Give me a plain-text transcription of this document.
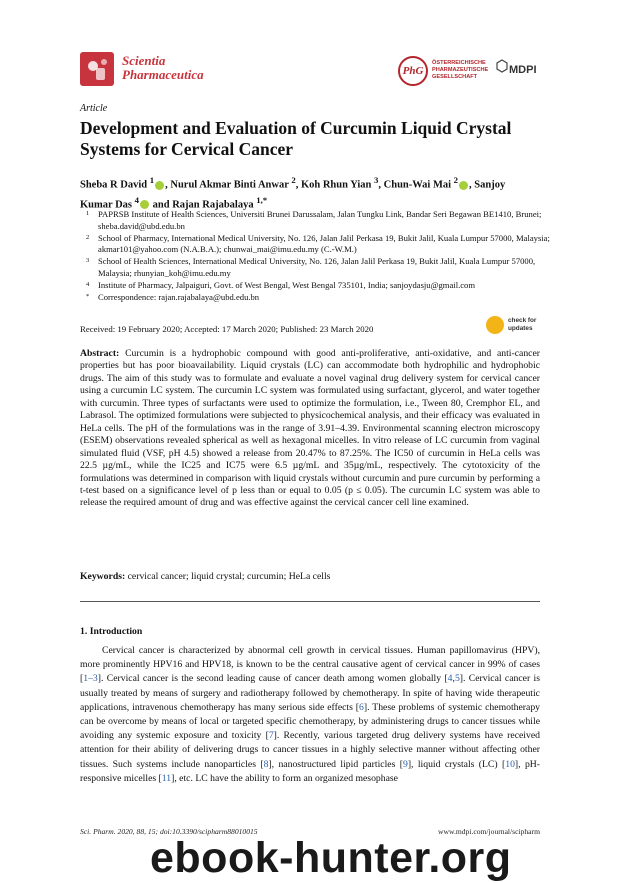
Scientia Pharmaceutica	PhG
ÖSTERREICHISCHE PHARMAZEUTISCHE GESELLSCHAFT
MDPI
Article
Development and Evaluation of Curcumin Liquid Crystal Systems for Cervical Cancer
Sheba R David $^1$ , Nurul Akmar Binti Anwar $^2$, Koh Rhun Yian $^3$, Chun-Wai Mai $^2$ , Sanjoy Kumar Das $^4$ and Rajan Rajabalaya $^{1,*}$
1 PAPRSB Institute of Health Sciences, Universiti Brunei Darussalam, Jalan Tungku Link, Bandar Seri Begawan BE1410, Brunei; sheba.david@ubd.edu.bn
2 School of Pharmacy, International Medical University, No. 126, Jalan Jalil Perkasa 19, Bukit Jalil, Kuala Lumpur 57000, Malaysia; akmar101@yahoo.com (N.A.B.A.); chunwai_mai@imu.edu.my (C.-W.M.)
3 School of Health Sciences, International Medical University, No. 126, Jalan Jalil Perkasa 19, Bukit Jalil, Kuala Lumpur 57000, Malaysia; rhunyian_koh@imu.edu.my
4 Institute of Pharmacy, Jalpaiguri, Govt. of West Bengal, West Bengal 735101, India; sanjoydasju@gmail.com
* Correspondence: rajan.rajabalaya@ubd.edu.bn
Received: 19 February 2020; Accepted: 17 March 2020; Published: 23 March 2020
check for
updates
Abstract: Curcumin is a hydrophobic compound with good anti-proliferative, anti-oxidative, and anti-cancer properties but has poor bioavailability. Liquid crystals (LC) can accommodate both hydrophilic and hydrophobic drugs. The aim of this study was to formulate and evaluate a novel vaginal drug delivery system for cervical cancer using a curcumin LC system. The curcumin LC system was formulated using surfactant, glycerol, and water together with curcumin. Three types of surfactants were used to optimize the formulation, i.e., Tween 80, Cremphor EL, and Labrasol. The optimized formulations were subjected to physicochemical analysis, and their efficacy was evaluated in HeLa cells. The pH of the formulations was in the range of 3.91–4.39. Environmental scanning electron microscopy (ESEM) observations revealed spherical as well as hexagonal micelles. In vitro release of LC curcumin from vaginal simulated fluid (VSF, pH 4.5) showed a release from 20.47% to 87.25%. The IC50 of curcumin in HeLa cells was 22.5 µg/mL, while the IC25 and IC75 were 6.5 µg/mL and 35µg/mL, respectively. The cytotoxicity of the formulations was determined in comparison with liquid crystals without curcumin and pure curcumin by performing a t-test based on a significance level of p less than or equal to 0.05 (p ≤ 0.05). The curcumin LC system was able to release the required amount of drug and was effective against the cervical cancer cell line examined.
Keywords: cervical cancer; liquid crystal; curcumin; HeLa cells
1. Introduction
Cervical cancer is characterized by abnormal cell growth in cervical tissues. Human papillomavirus (HPV), more prominently HPV16 and HPV18, is known to be the central causative agent of cervical cancer in 99% of cases [1–3]. Cervical cancer is the second leading cause of cancer death among women globally [4,5]. Cervical cancer is usually treated by means of surgery and radiotherapy followed by chemotherapy. In spite of having wide therapeutic applications, intravenous chemotherapy has many serious side effects [6]. These problems of systemic chemotherapy can be overcome by means of local or targeted specific chemotherapy, by administering drugs to cancer tissues while avoiding any systemic exposure and toxicity [7]. Recently, various targeted drug delivery systems have received attention for their ability of delivering drugs to cancer tissues in a highly selective manner without affecting other tissues. Such systems include nanoparticles [8], nanostructured lipid particles [9], liquid crystals (LC) [10], pH-responsive micelles [11], etc. LC have the ability to form an organized mesophase
Sci. Pharm. 2020, 88, 15; doi:10.3390/scipharm88010015	www.mdpi.com/journal/scipharm
ebook-hunter.org
